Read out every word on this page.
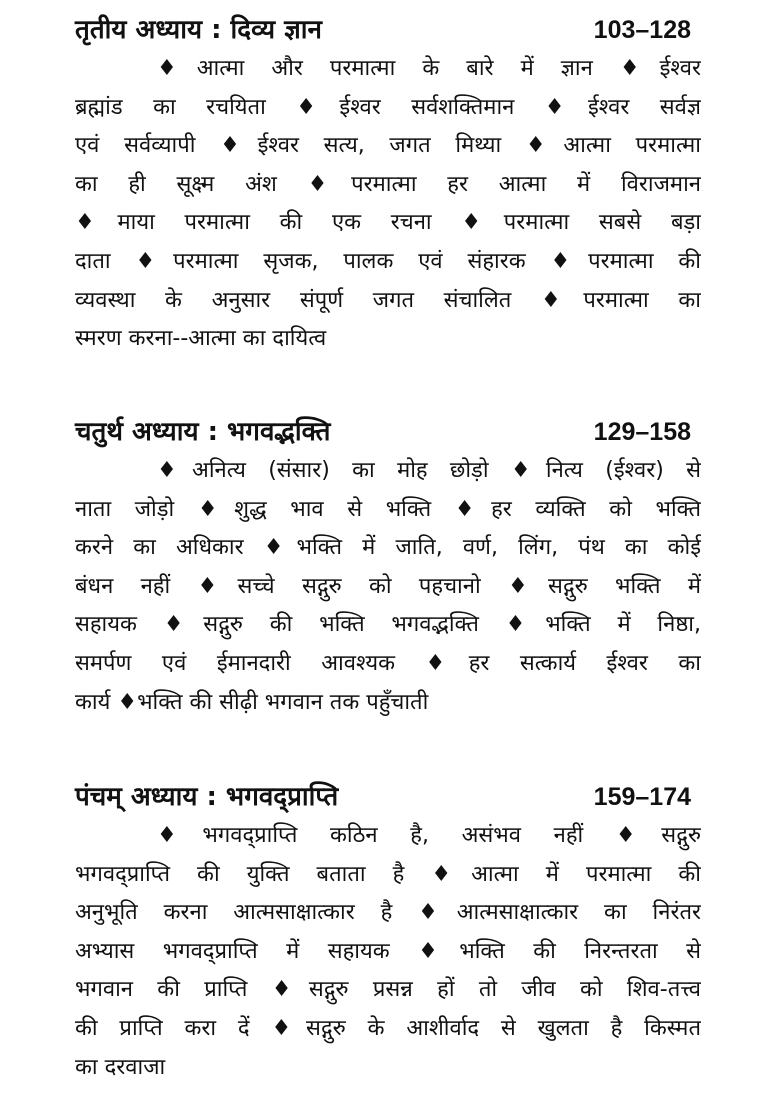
तृतीय अध्याय : दिव्य ज्ञान	103–128
♦आत्मा और परमात्मा के बारे में ज्ञान ♦ईश्वर
ब्रह्मांड का रचयिता ♦ईश्वर सर्वशक्तिमान ♦ईश्वर सर्वज्ञ
एवं सर्वव्यापी ♦ईश्वर सत्य, जगत मिथ्या ♦आत्मा परमात्मा
का ही सूक्ष्म अंश ♦परमात्मा हर आत्मा में विराजमान
♦माया परमात्मा की एक रचना ♦परमात्मा सबसे बड़ा
दाता ♦परमात्मा सृजक, पालक एवं संहारक ♦परमात्मा की
व्यवस्था के अनुसार संपूर्ण जगत संचालित ♦परमात्मा का
स्मरण करना--आत्मा का दायित्व
चतुर्थ अध्याय : भगवद्भक्ति	129–158
♦अनित्य (संसार) का मोह छोड़ो ♦नित्य (ईश्वर) से
नाता जोड़ो ♦शुद्ध भाव से भक्ति ♦हर व्यक्ति को भक्ति
करने का अधिकार ♦भक्ति में जाति, वर्ण, लिंग, पंथ का कोई
बंधन नहीं ♦सच्चे सद्गुरु को पहचानो ♦सद्गुरु भक्ति में
सहायक ♦सद्गुरु की भक्ति भगवद्भक्ति ♦भक्ति में निष्ठा,
समर्पण एवं ईमानदारी आवश्यक ♦हर सत्कार्य ईश्वर का
कार्य ♦भक्ति की सीढ़ी भगवान तक पहुँचाती
पंचम् अध्याय : भगवद्प्राप्ति	159–174
♦भगवद्प्राप्ति कठिन है, असंभव नहीं ♦सद्गुरु
भगवद्प्राप्ति की युक्ति बताता है ♦आत्मा में परमात्मा की
अनुभूति करना आत्मसाक्षात्कार है ♦आत्मसाक्षात्कार का निरंतर
अभ्यास भगवद्प्राप्ति में सहायक ♦भक्ति की निरन्तरता से
भगवान की प्राप्ति ♦सद्गुरु प्रसन्न हों तो जीव को शिव-तत्त्व
की प्राप्ति करा दें ♦सद्गुरु के आशीर्वाद से खुलता है किस्मत
का दरवाजा
